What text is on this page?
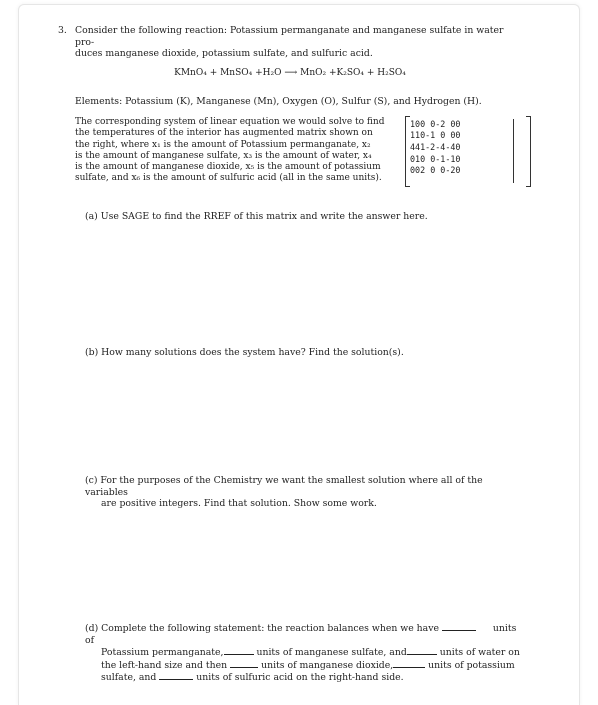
3. Consider the following reaction: Potassium permanganate and manganese sulfate in water pro-
duces manganese dioxide, potassium sulfate, and sulfuric acid.
KMnO₄ + MnSO₄ +H₂O ⟶ MnO₂ +K₂SO₄ + H₂SO₄
Elements: Potassium (K), Manganese (Mn), Oxygen (O), Sulfur (S), and Hydrogen (H).
The corresponding system of linear equation we would solve to find
the temperatures of the interior has augmented matrix shown on
the right, where x₁ is the amount of Potassium permanganate, x₂
is the amount of manganese sulfate, x₃ is the amount of water, x₄
is the amount of manganese dioxide, x₅ is the amount of potassium
sulfate, and x₆ is the amount of sulfuric acid (all in the same units).
1	0	0	0	-2	0	0
1	1	0	-1	0	0	0
4	4	1	-2	-4	-4	0
0	1	0	0	-1	-1	0
0	0	2	0	0	-2	0
(a) Use SAGE to find the RREF of this matrix and write the answer here.
(b) How many solutions does the system have? Find the solution(s).
(c) For the purposes of the Chemistry we want the smallest solution where all of the variables
are positive integers. Find that solution. Show some work.
(d) Complete the following statement: the reaction balances when we have	units of
Potassium permanganate,	units of manganese sulfate, and	units of water on
the left-hand size and then	units of manganese dioxide,	units of potassium
sulfate, and	units of sulfuric acid on the right-hand side.
